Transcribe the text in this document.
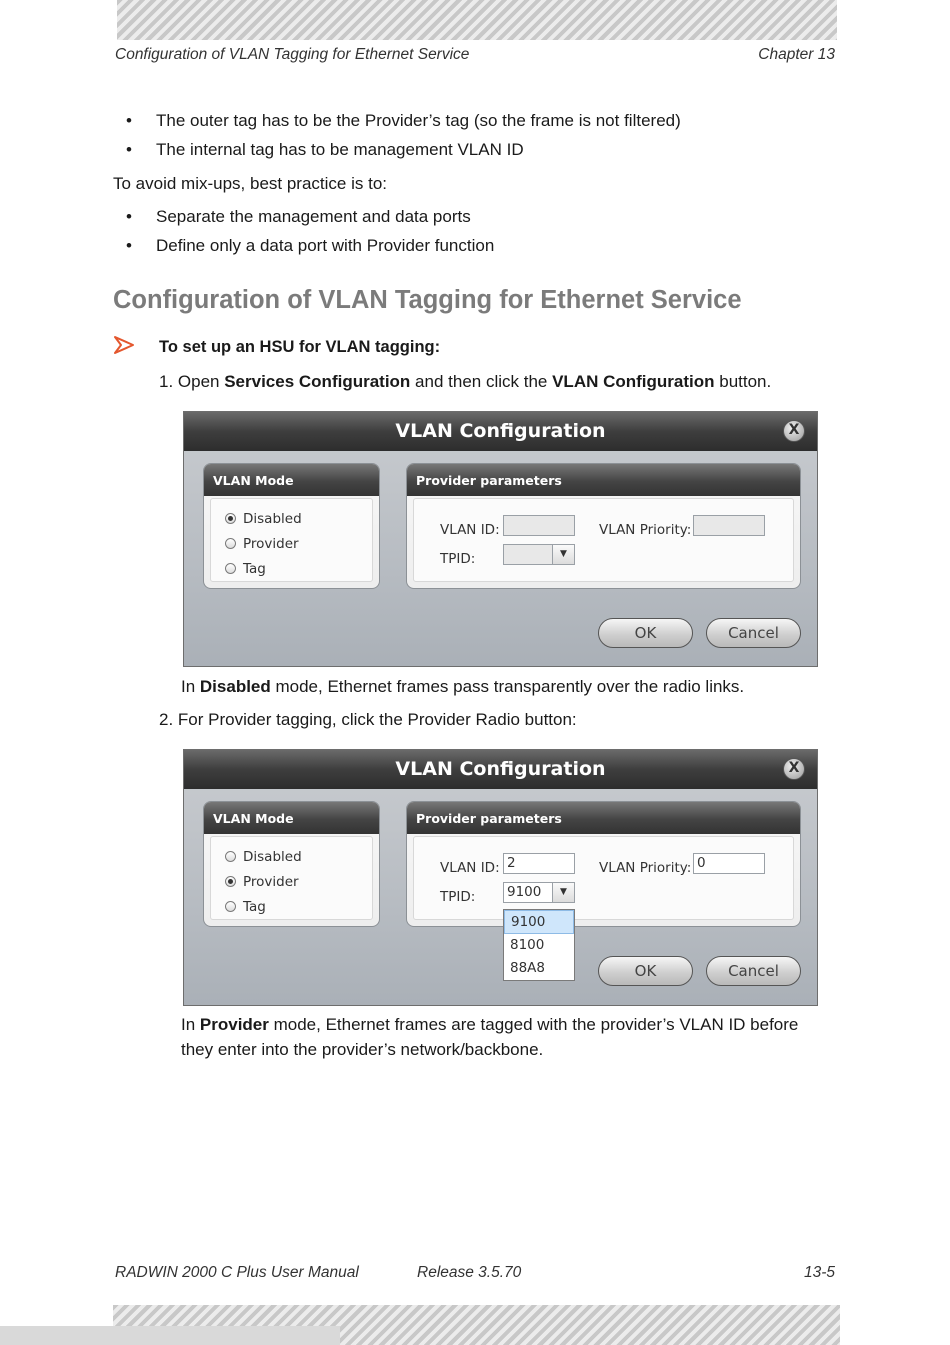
Configuration of VLAN Tagging for Ethernet Service	Chapter 13
• The outer tag has to be the Provider’s tag (so the frame is not filtered)
• The internal tag has to be management VLAN ID
To avoid mix-ups, best practice is to:
• Separate the management and data ports
• Define only a data port with Provider function
Configuration of VLAN Tagging for Ethernet Service
To set up an HSU for VLAN tagging:
1. Open Services Configuration and then click the VLAN Configuration button.
VLAN Configuration	X
VLAN Mode
Disabled
Provider
Tag
Provider parameters
VLAN ID:	VLAN Priority:
TPID:	▼
OK	Cancel
In Disabled mode, Ethernet frames pass transparently over the radio links.
2. For Provider tagging, click the Provider Radio button:
VLAN Configuration	X
VLAN Mode
Disabled
Provider
Tag
Provider parameters
VLAN ID: 2	VLAN Priority: 0
TPID: 9100	▼
9100
8100
88A8	OK	Cancel
In Provider mode, Ethernet frames are tagged with the provider’s VLAN ID before
they enter into the provider’s network/backbone.
RADWIN 2000 C Plus User Manual	Release 3.5.70	13-5
